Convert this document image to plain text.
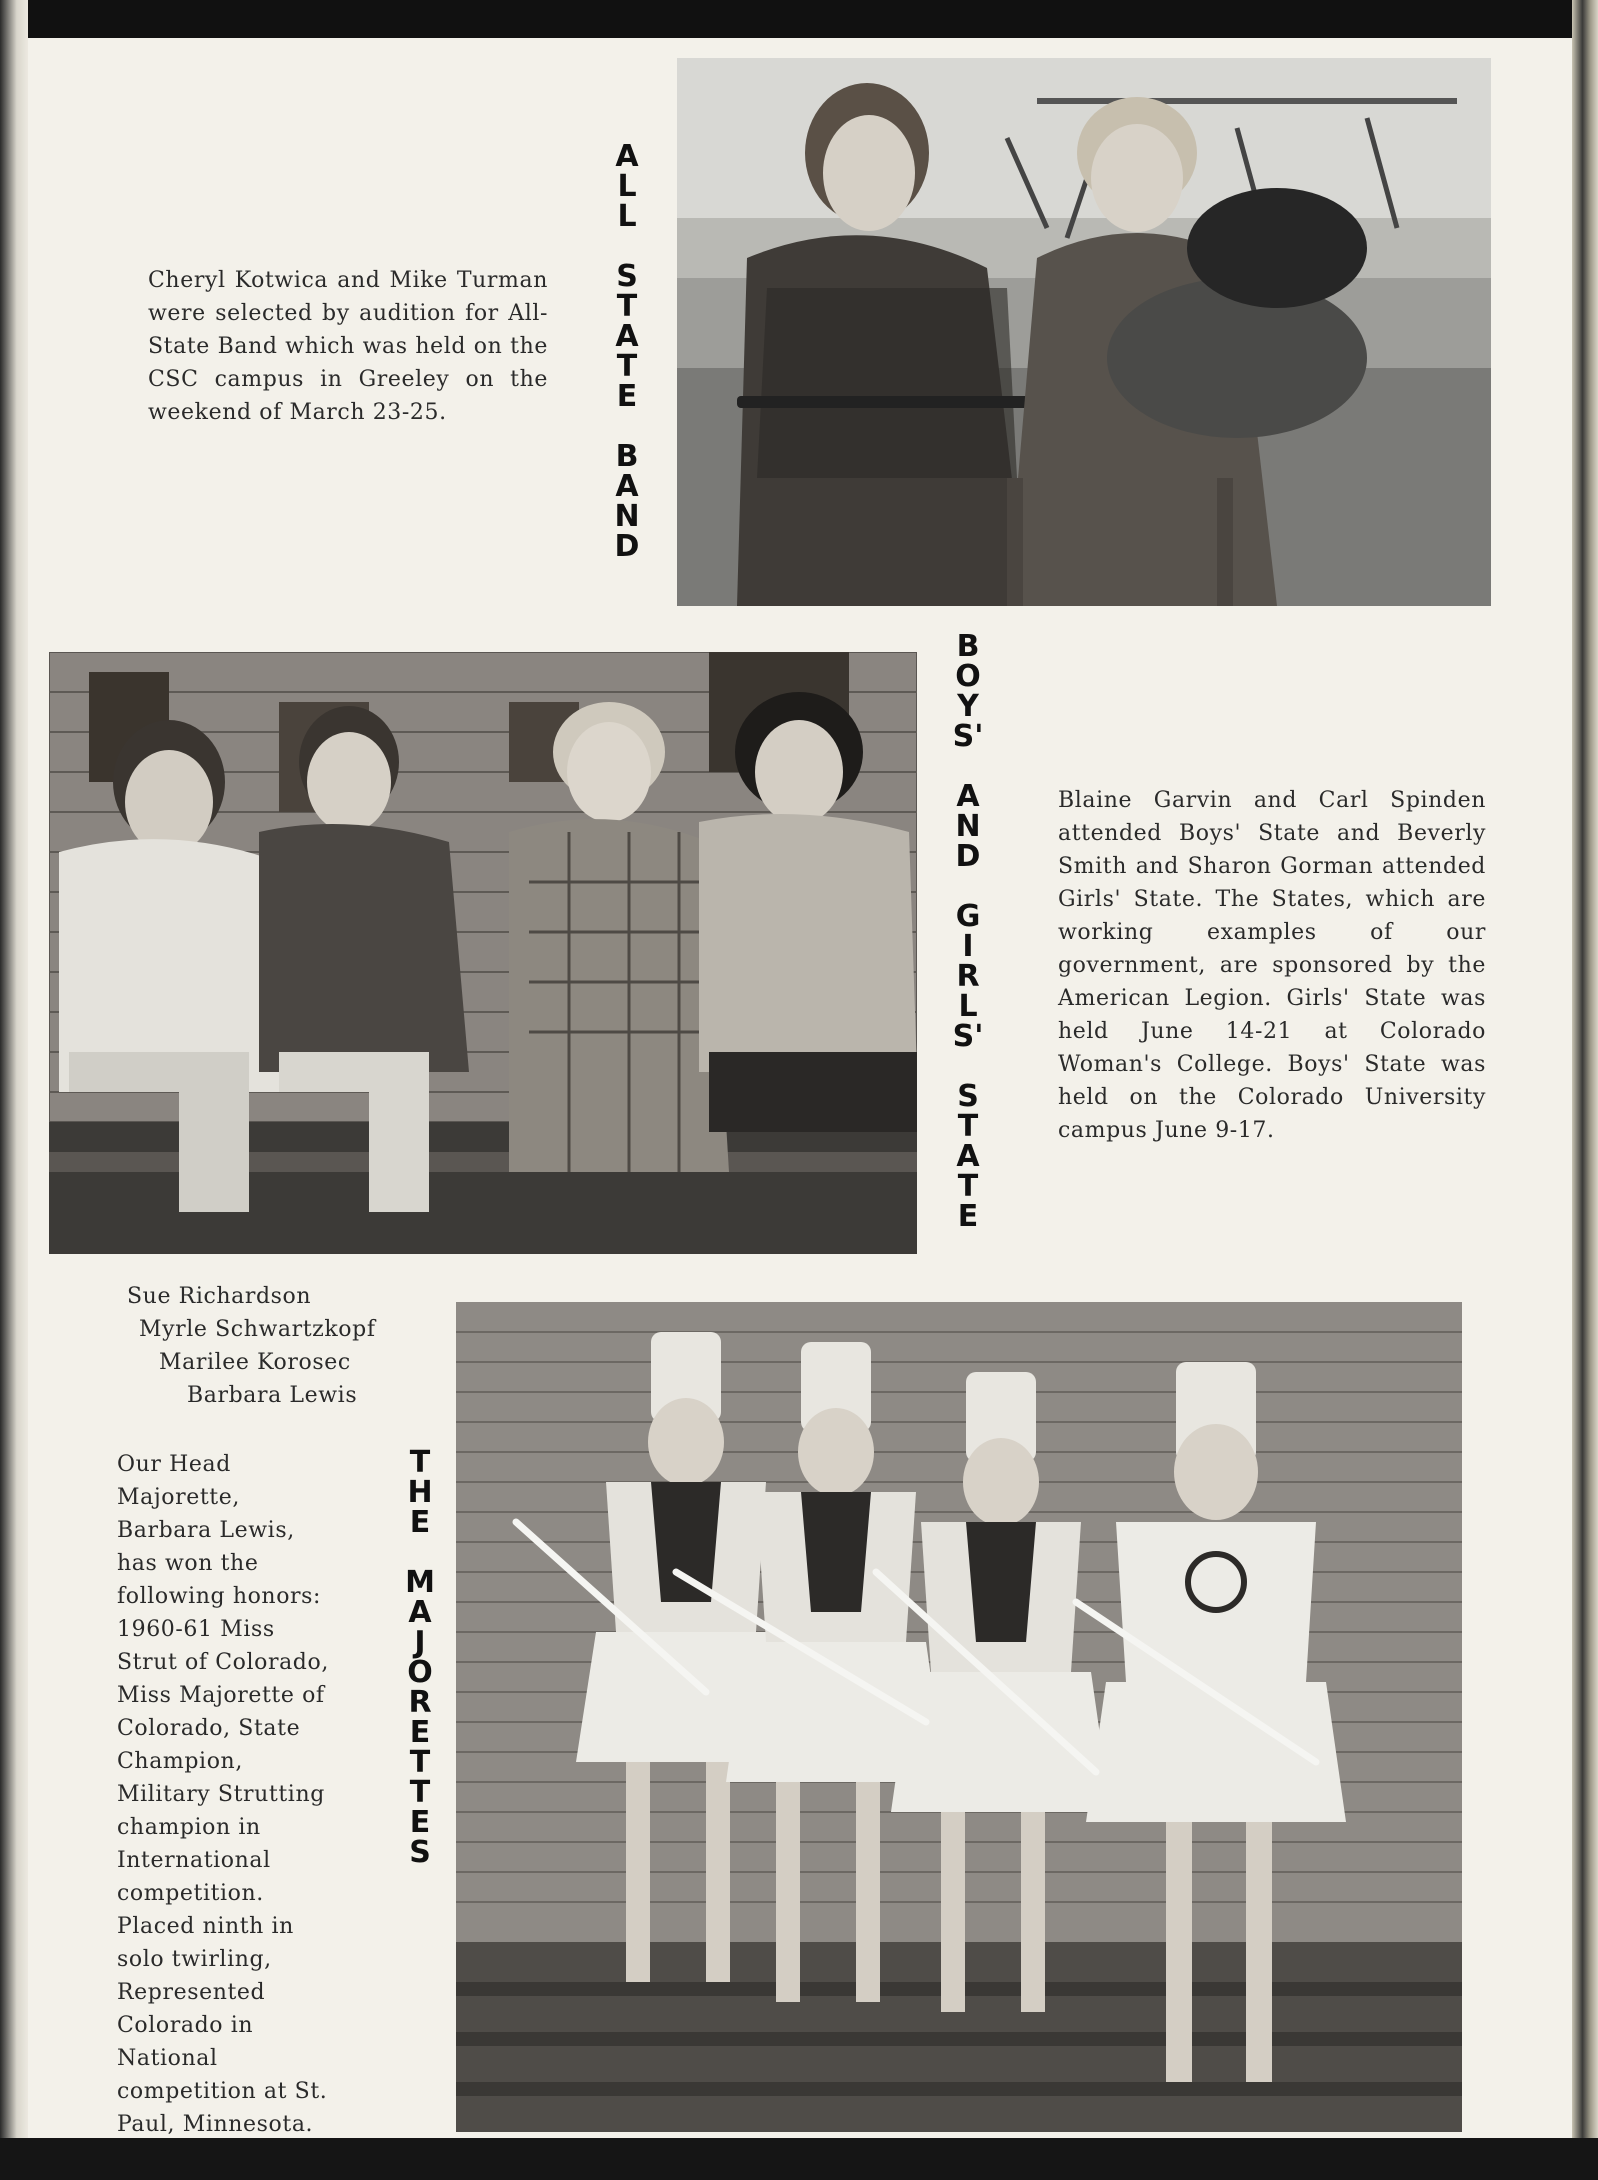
Cheryl Kotwica and Mike Turman were selected by audition for All-State Band which was held on the CSC campus in Greeley on the weekend of March 23-25.

A
L
L

S
T
A
T
E

B
A
N
D
B
O
Y
S'

A
N
D

G
I
R
L
S'

S
T
A
T
E

Blaine Garvin and Carl Spinden attended Boys' State and Beverly Smith and Sharon Gorman attended Girls' State. The States, which are working examples of our government, are sponsored by the American Legion. Girls' State was held June 14-21 at Colorado Woman's College. Boys' State was held on the Colorado University campus June 9-17.

Sue Richardson
Myrle Schwartzkopf
Marilee Korosec
Barbara Lewis

Our Head Majorette, Barbara Lewis, has won the following honors: 1960-61 Miss Strut of Colorado, Miss Majorette of Colorado, State Champion, Military Strutting champion in International competition. Placed ninth in solo twirling, Represented Colorado in National competition at St. Paul, Minnesota.

T
H
E

M
A
J
O
R
E
T
T
E
S
